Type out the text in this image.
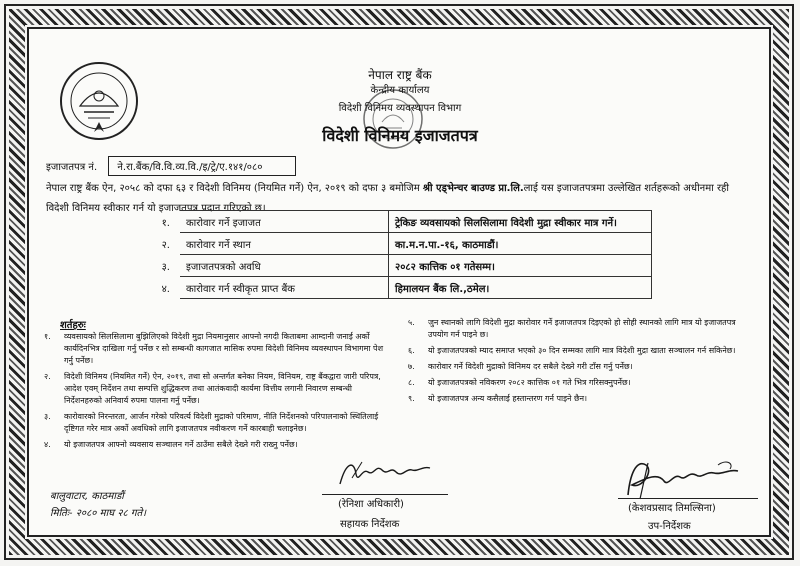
नेपाल राष्ट्र बैंक
केन्द्रीय कार्यालय
विदेशी विनिमय व्यवस्थापन विभाग
विदेशी विनिमय इजाजतपत्र
इजाजतपत्र नं. ने.रा.बैंक/वि.वि.व्य.वि./इ/ट्रे/ए.१४१/०८०
नेपाल राष्ट्र बैंक ऐन, २०५८ को दफा ६३ र विदेशी विनिमय (नियमित गर्ने) ऐन, २०१९ को दफा ३ बमोजिम श्री एड्भेन्चर बाउण्ड प्रा.लि.लाई यस इजाजतपत्रमा उल्लेखित शर्तहरूको अधीनमा रही विदेशी विनिमय स्वीकार गर्न यो इजाजतपत्र प्रदान गरिएको छ।
१.	कारोवार गर्ने इजाजत	ट्रेकिङ व्यवसायको सिलसिलामा विदेशी मुद्रा स्वीकार मात्र गर्ने।
२.	कारोवार गर्ने स्थान	का.म.न.पा.-१६, काठमाडौं।
३.	इजाजतपत्रको अवधि	२०८२ कात्तिक ०१ गतेसम्म।
४.	कारोवार गर्न स्वीकृत प्राप्त बैंक	हिमालयन बैंक लि.,ठमेल।
शर्तहरुः
१.	व्यवसायको सिलसिलामा बुझिलिएको विदेशी मुद्रा नियमानुसार आफ्नो नगदी किताबमा आम्दानी जनाई अर्को कार्यदिनभित्र दाखिला गर्नु पर्नेछ र सो सम्बन्धी कागजात मासिक रुपमा विदेशी विनिमय व्यवस्थापन विभागमा पेश गर्नु पर्नेछ।
२.	विदेशी विनिमय (नियमित गर्ने) ऐन, २०१९, तथा सो अन्तर्गत बनेका नियम, विनियम, राष्ट्र बैंकद्वारा जारी परिपत्र, आदेश एवम् निर्देशन तथा सम्पत्ति शुद्धिकरण तथा आतंकवादी कार्यमा वित्तीय लगानी निवारण सम्बन्धी निर्देशनहरुको अनिवार्य रुपमा पालना गर्नु पर्नेछ।
३.	कारोवारको निरन्तरता, आर्जन गरेको परिवर्त्य विदेशी मुद्राको परिमाण, नीति निर्देशनको परिपालनाको स्थितिलाई दृष्टिगत गरेर मात्र अर्को अवधिको लागि इजाजतपत्र नवीकरण गर्ने कारबाही चलाइनेछ।
४.	यो इजाजतपत्र आफ्नो व्यवसाय सञ्चालन गर्ने ठाउँमा सबैले देख्ने गरी राख्नु पर्नेछ।
५.	जुन स्थानको लागि विदेशी मुद्रा कारोवार गर्ने इजाजतपत्र दिइएको हो सोही स्थानको लागि मात्र यो इजाजतपत्र उपयोग गर्न पाइने छ।
६.	यो इजाजतपत्रको म्याद समाप्त भएको ३० दिन सम्मका लागि मात्र विदेशी मुद्रा खाता सञ्चालन गर्न सकिनेछ।
७.	कारोवार गर्ने विदेशी मुद्राको विनिमय दर सबैले देख्ने गरी टाँस गर्नु पर्नेछ।
८.	यो इजाजतपत्रको नविकरण २०८२ कात्तिक ०१ गते भित्र गरिसक्नुपर्नेछ।
९.	यो इजाजतपत्र अन्य कसैलाई हस्तान्तरण गर्न पाइने छैन।
बालुवाटार, काठमाडौं
मितिः- २०८० माघ २८ गते।
(रेनिशा अधिकारी)
सहायक निर्देशक
(केशवप्रसाद तिमल्सिना)
उप-निर्देशक
